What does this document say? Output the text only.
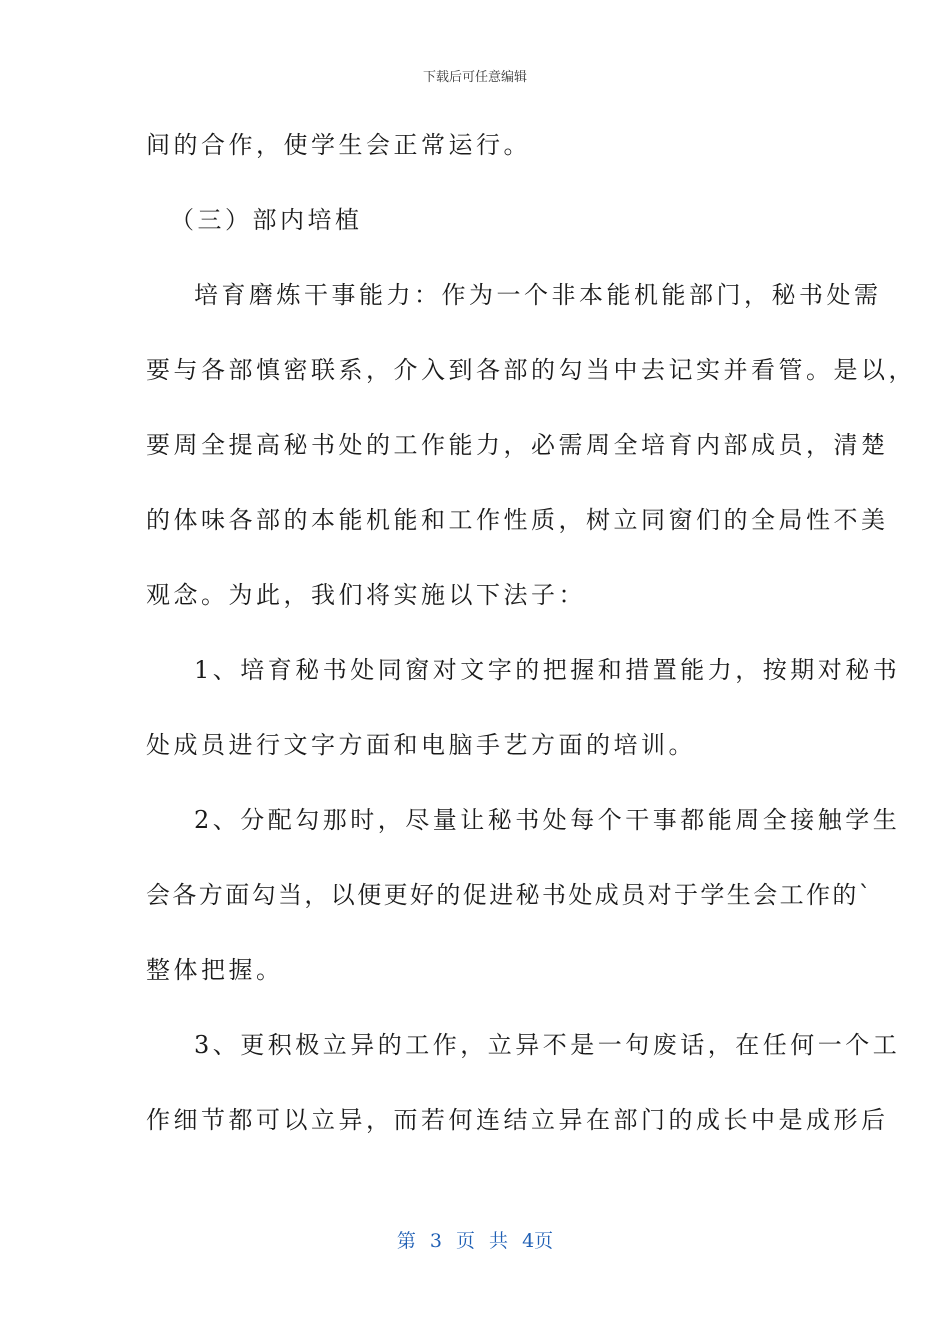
下载后可任意编辑
间的合作，使学生会正常运行。
（三）部内培植
培育磨炼干事能力：作为一个非本能机能部门，秘书处需
要与各部慎密联系，介入到各部的勾当中去记实并看管。是以，
要周全提高秘书处的工作能力，必需周全培育内部成员，清楚
的体味各部的本能机能和工作性质，树立同窗们的全局性不美
观念。为此，我们将实施以下法子：
1、培育秘书处同窗对文字的把握和措置能力，按期对秘书
处成员进行文字方面和电脑手艺方面的培训。
2、分配勾那时，尽量让秘书处每个干事都能周全接触学生
会各方面勾当，以便更好的促进秘书处成员对于学生会工作的`
整体把握。
3、更积极立异的工作，立异不是一句废话，在任何一个工
作细节都可以立异，而若何连结立异在部门的成长中是成形后
第 3 页 共 4页
